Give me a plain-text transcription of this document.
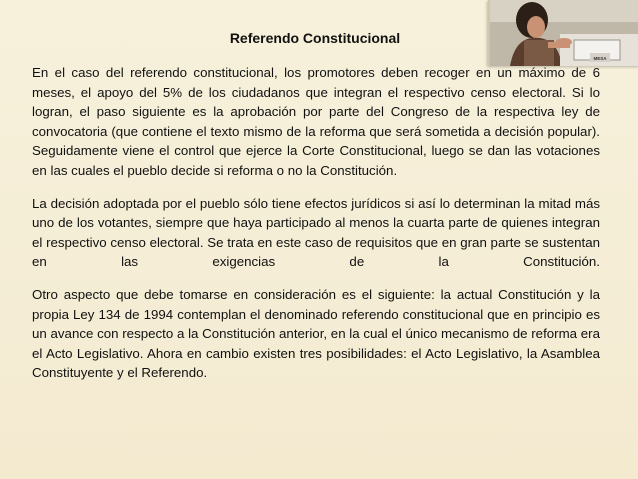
Referendo Constitucional
MESA

En el caso del referendo constitucional, los promotores deben recoger en un máximo de 6 meses, el apoyo del 5% de los ciudadanos que integran el respectivo censo electoral. Si lo logran, el paso siguiente es la aprobación por parte del Congreso de la respectiva ley de convocatoria (que contiene el texto mismo de la reforma que será sometida a decisión popular). Seguidamente viene el control que ejerce la Corte Constitucional, luego se dan las votaciones en las cuales el pueblo decide si reforma o no la Constitución.

La decisión adoptada por el pueblo sólo tiene efectos jurídicos si así lo determinan la mitad más uno de los votantes, siempre que haya participado al menos la cuarta parte de quienes integran el respectivo censo electoral. Se trata en este caso de requisitos que en gran parte se sustentan en las exigencias de la Constitución.

Otro aspecto que debe tomarse en consideración es el siguiente: la actual Constitución y la propia Ley 134 de 1994 contemplan el denominado referendo constitucional que en principio es un avance con respecto a la Constitución anterior, en la cual el único mecanismo de reforma era el Acto Legislativo. Ahora en cambio existen tres posibilidades: el Acto Legislativo, la Asamblea Constituyente y el Referendo.
